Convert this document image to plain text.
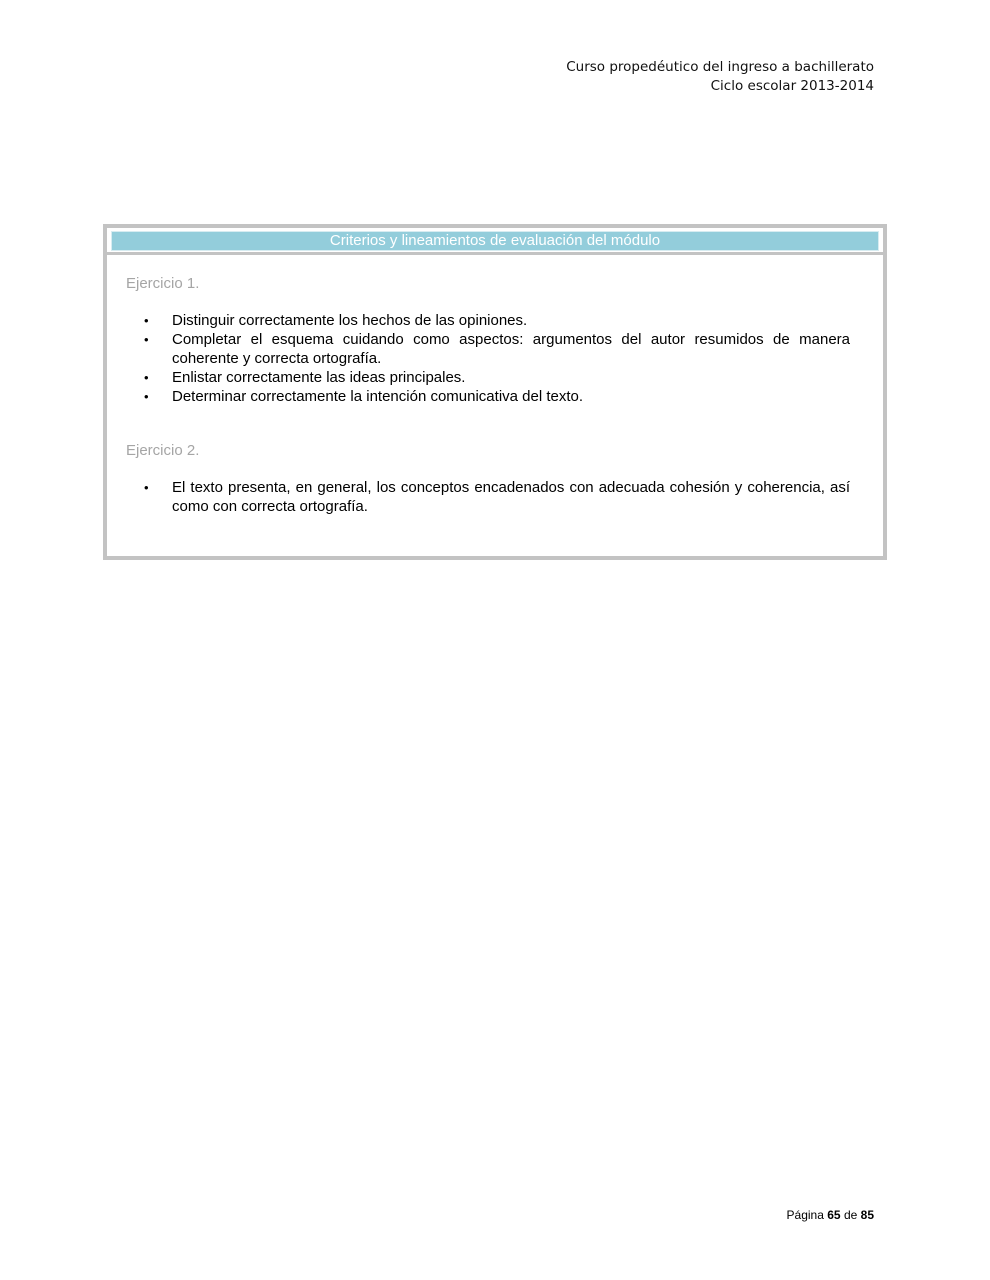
Curso propedéutico del ingreso a bachillerato
Ciclo escolar 2013-2014
Criterios y lineamientos de evaluación del módulo

Ejercicio 1.

• Distinguir correctamente los hechos de las opiniones.
• Completar el esquema cuidando como aspectos: argumentos del autor resumidos de manera coherente y correcta ortografía.
• Enlistar correctamente las ideas principales.
• Determinar correctamente la intención comunicativa del texto.

Ejercicio 2.

• El texto presenta, en general, los conceptos encadenados con adecuada cohesión y coherencia, así como con correcta ortografía.
Página 65 de 85
